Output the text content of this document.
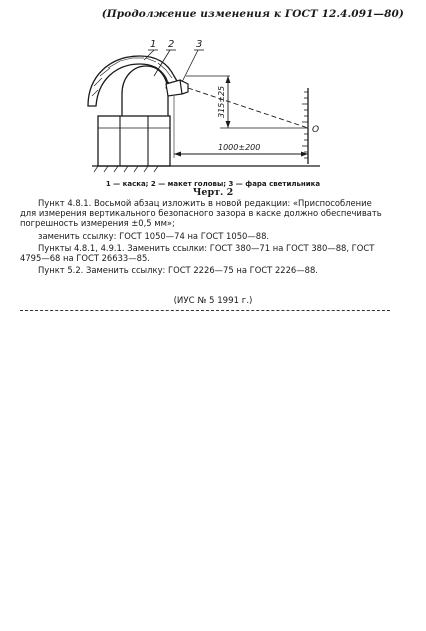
(Продолжение изменения к ГОСТ 12.4.091—80)
1 2 3
315±25
1000±200
О
1 — каска; 2 — макет головы; 3 — фара светильника
Черт. 2
Пункт 4.8.1. Восьмой абзац изложить в новой редакции: «Приспособление
для измерения вертикального безопасного зазора в каске должно обеспечивать
погрешность измерения ±0,5 мм»;
заменить ссылку: ГОСТ 1050—74 на ГОСТ 1050—88.
Пункты 4.8.1, 4.9.1. Заменить ссылки: ГОСТ 380—71 на ГОСТ 380—88, ГОСТ
4795—68 на ГОСТ 26633—85.
Пункт 5.2. Заменить ссылку: ГОСТ 2226—75 на ГОСТ 2226—88.
(ИУС № 5 1991 г.)
